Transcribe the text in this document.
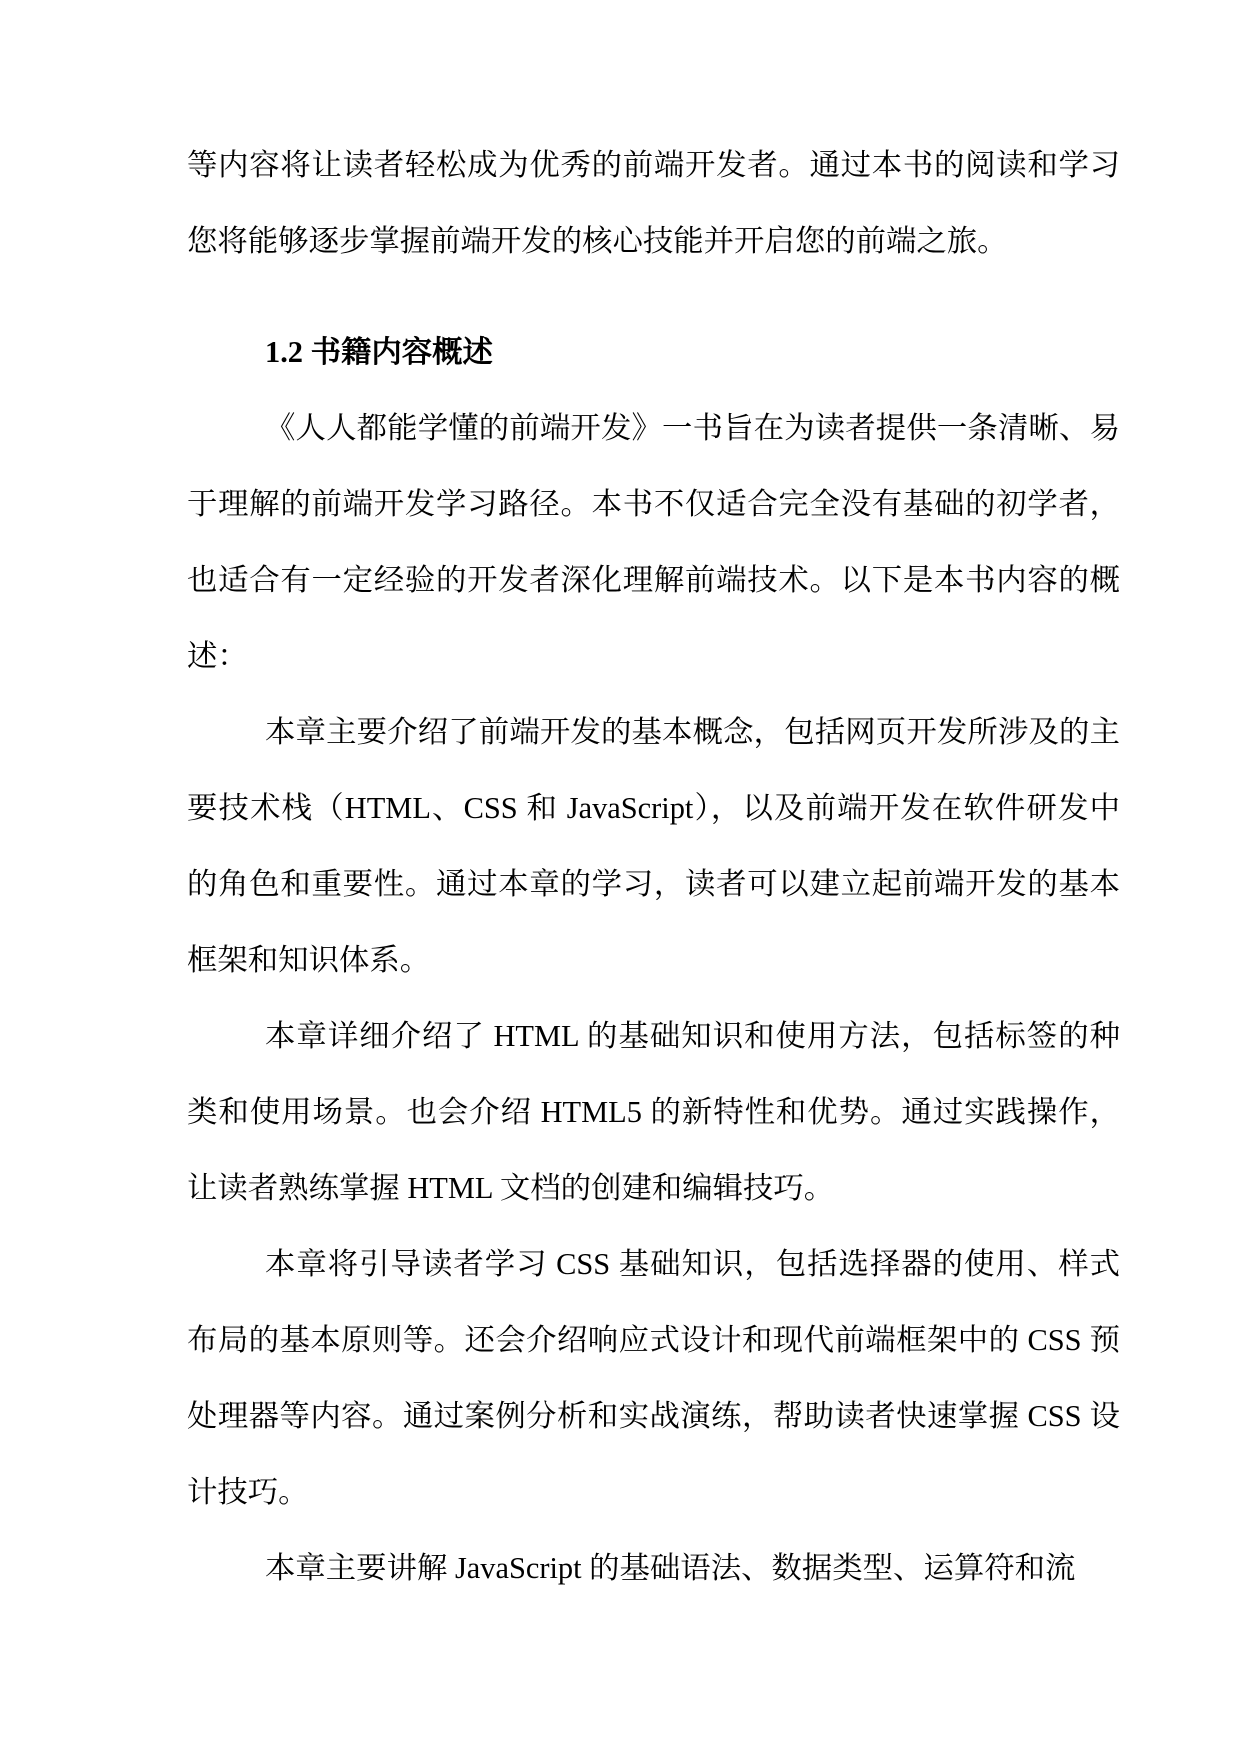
等内容将让读者轻松成为优秀的前端开发者。通过本书的阅读和学习您将能够逐步掌握前端开发的核心技能并开启您的前端之旅。

1.2 书籍内容概述

《人人都能学懂的前端开发》一书旨在为读者提供一条清晰、易于理解的前端开发学习路径。本书不仅适合完全没有基础的初学者，也适合有一定经验的开发者深化理解前端技术。以下是本书内容的概述：

本章主要介绍了前端开发的基本概念，包括网页开发所涉及的主要技术栈（HTML、CSS 和 JavaScript），以及前端开发在软件研发中的角色和重要性。通过本章的学习，读者可以建立起前端开发的基本框架和知识体系。

本章详细介绍了 HTML 的基础知识和使用方法，包括标签的种类和使用场景。也会介绍 HTML5 的新特性和优势。通过实践操作，让读者熟练掌握 HTML 文档的创建和编辑技巧。

本章将引导读者学习 CSS 基础知识，包括选择器的使用、样式布局的基本原则等。还会介绍响应式设计和现代前端框架中的 CSS 预处理器等内容。通过案例分析和实战演练，帮助读者快速掌握 CSS 设计技巧。

本章主要讲解 JavaScript 的基础语法、数据类型、运算符和流
